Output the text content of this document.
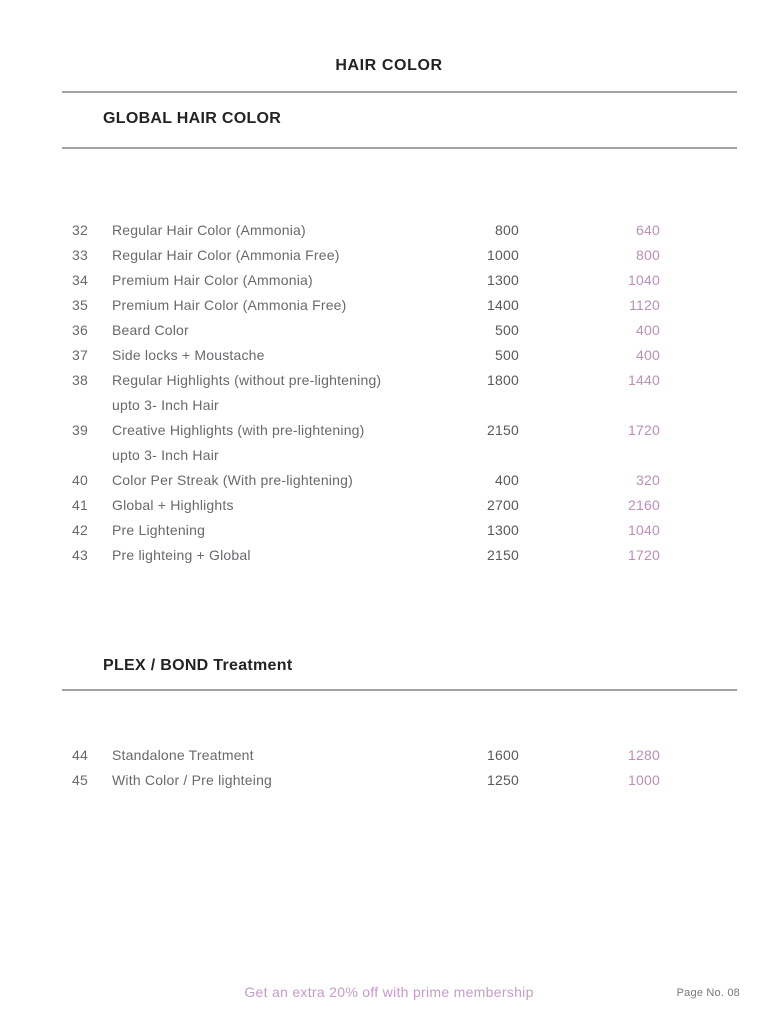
HAIR COLOR
GLOBAL HAIR COLOR
32 Regular Hair Color (Ammonia)	800	640
33 Regular Hair Color (Ammonia Free)	1000	800
34 Premium Hair Color (Ammonia)	1300	1040
35 Premium Hair Color (Ammonia Free)	1400	1120
36 Beard Color	500	400
37 Side locks + Moustache	500	400
38 Regular Highlights (without pre-lightening)	1800	1440
upto 3- Inch Hair
39 Creative Highlights (with pre-lightening)	2150	1720
upto 3- Inch Hair
40 Color Per Streak (With pre-lightening)	400	320
41 Global + Highlights	2700	2160
42 Pre Lightening	1300	1040
43 Pre lighteing + Global	2150	1720
PLEX / BOND Treatment
44 Standalone Treatment	1600	1280
45 With Color / Pre lighteing	1250	1000
Get an extra 20% off with prime membership	Page No. 08
